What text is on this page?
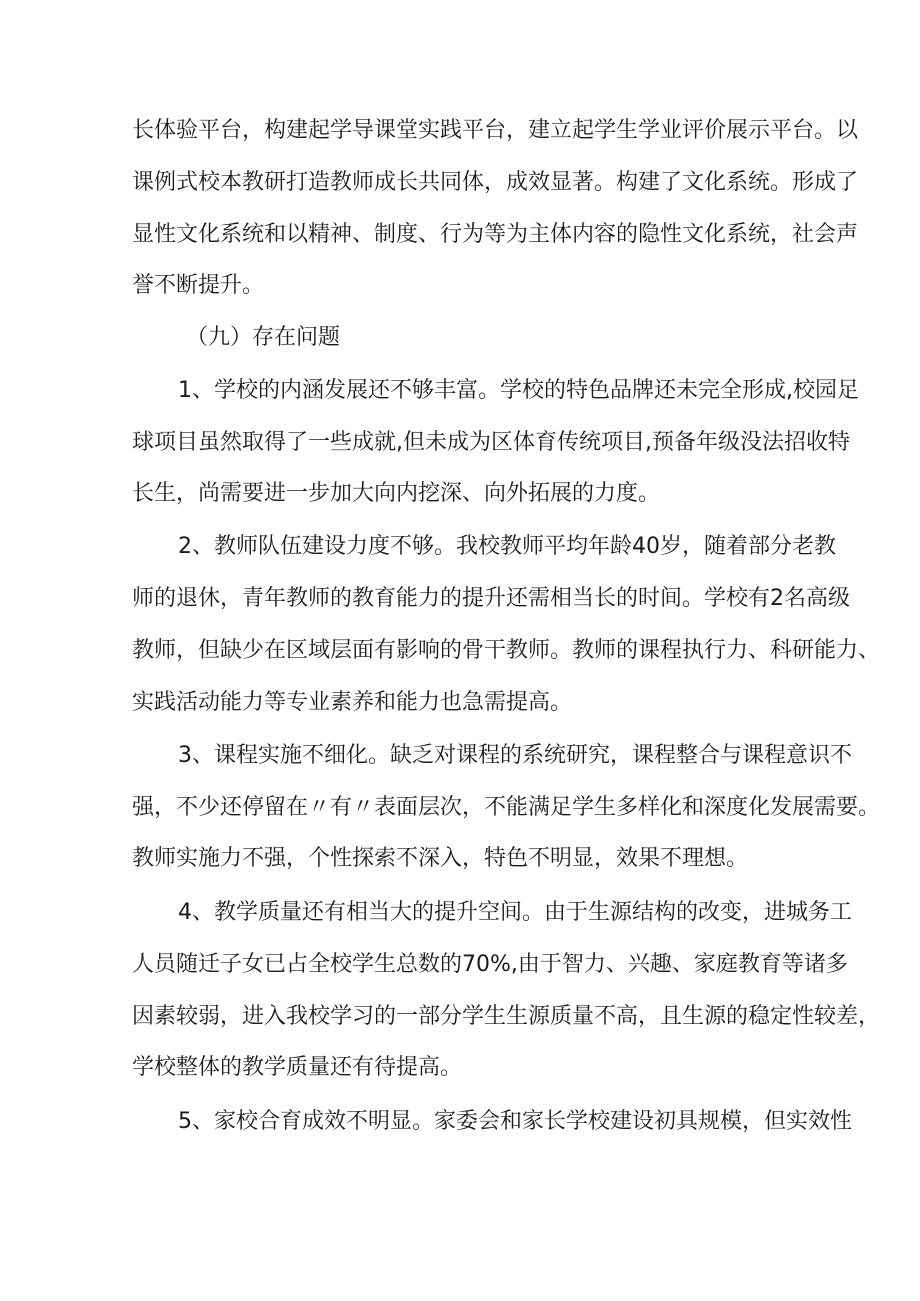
长体验平台，构建起学导课堂实践平台，建立起学生学业评价展示平台。以
课例式校本教研打造教师成长共同体，成效显著。构建了文化系统。形成了
显性文化系统和以精神、制度、行为等为主体内容的隐性文化系统，社会声
誉不断提升。
（九）存在问题
1、学校的内涵发展还不够丰富。学校的特色品牌还未完全形成,校园足
球项目虽然取得了一些成就,但未成为区体育传统项目,预备年级没法招收特
长生，尚需要进一步加大向内挖深、向外拓展的力度。
2、教师队伍建设力度不够。我校教师平均年龄40岁，随着部分老教
师的退休，青年教师的教育能力的提升还需相当长的时间。学校有2名高级
教师，但缺少在区域层面有影响的骨干教师。教师的课程执行力、科研能力、
实践活动能力等专业素养和能力也急需提高。
3、课程实施不细化。缺乏对课程的系统研究，课程整合与课程意识不
强，不少还停留在〃有〃表面层次，不能满足学生多样化和深度化发展需要。
教师实施力不强，个性探索不深入，特色不明显，效果不理想。
4、教学质量还有相当大的提升空间。由于生源结构的改变，进城务工
人员随迁子女已占全校学生总数的70%,由于智力、兴趣、家庭教育等诸多
因素较弱，进入我校学习的一部分学生生源质量不高，且生源的稳定性较差，
学校整体的教学质量还有待提高。
5、家校合育成效不明显。家委会和家长学校建设初具规模，但实效性
